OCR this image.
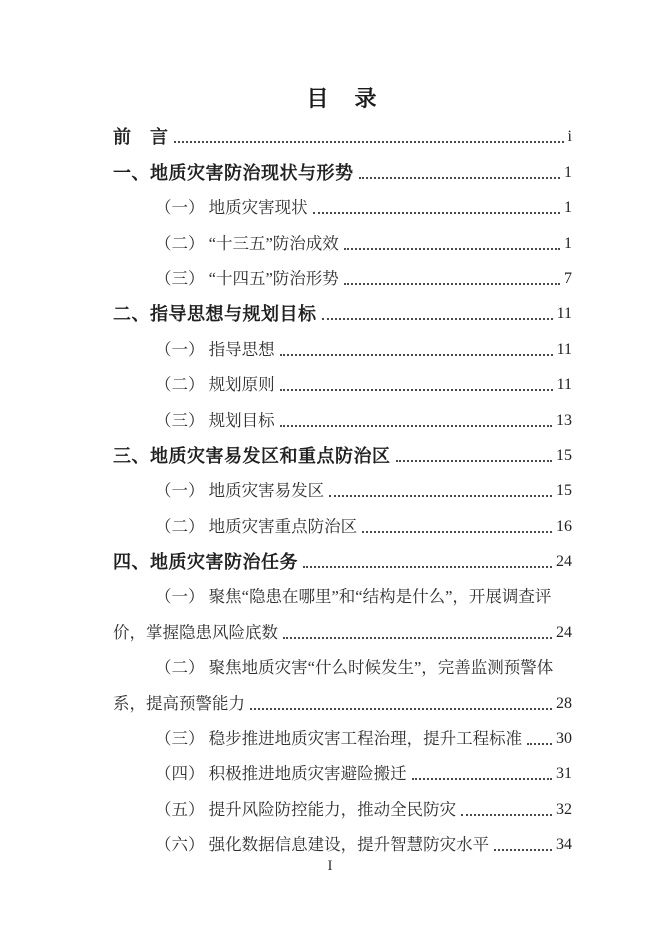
目　录
前　言	i
一、地质灾害防治现状与形势	1
（一） 地质灾害现状	1
（二） “十三五”防治成效	1
（三） “十四五”防治形势	7
二、指导思想与规划目标	11
（一） 指导思想	11
（二） 规划原则	11
（三） 规划目标	13
三、地质灾害易发区和重点防治区	15
（一） 地质灾害易发区	15
（二） 地质灾害重点防治区	16
四、地质灾害防治任务	24
（一） 聚焦“隐患在哪里”和“结构是什么”，开展调查评
价，掌握隐患风险底数	24
（二） 聚焦地质灾害“什么时候发生”，完善监测预警体
系，提高预警能力	28
（三） 稳步推进地质灾害工程治理，提升工程标准 30
（四） 积极推进地质灾害避险搬迁	31
（五） 提升风险防控能力，推动全民防灾	32
（六） 强化数据信息建设，提升智慧防灾水平	34
I
